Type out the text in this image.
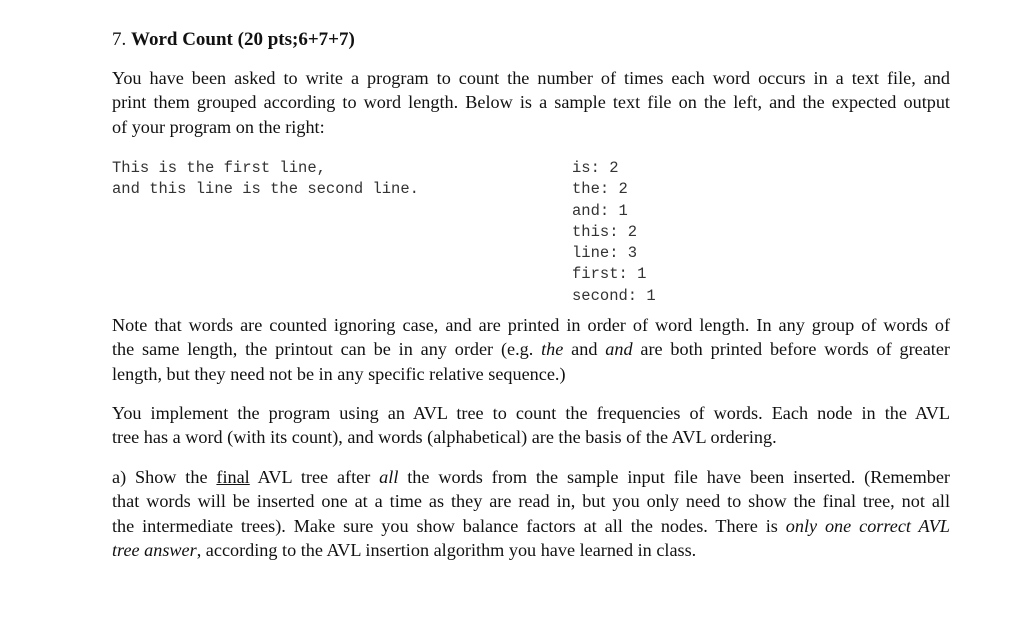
7. Word Count (20 pts;6+7+7)

You have been asked to write a program to count the number of times each word occurs in a text file, and
print them grouped according to word length. Below is a sample text file on the left, and the expected output
of your program on the right:

This is the first line,
and this line is the second line.
is: 2
the: 2
and: 1
this: 2
line: 3
first: 1
second: 1

Note that words are counted ignoring case, and are printed in order of word length. In any group of words of
the same length, the printout can be in any order (e.g. the and and are both printed before words of greater
length, but they need not be in any specific relative sequence.)

You implement the program using an AVL tree to count the frequencies of words. Each node in the AVL
tree has a word (with its count), and words (alphabetical) are the basis of the AVL ordering.

a) Show the final AVL tree after all the words from the sample input file have been inserted. (Remember
that words will be inserted one at a time as they are read in, but you only need to show the final tree, not all
the intermediate trees). Make sure you show balance factors at all the nodes. There is only one correct AVL
tree answer, according to the AVL insertion algorithm you have learned in class.
